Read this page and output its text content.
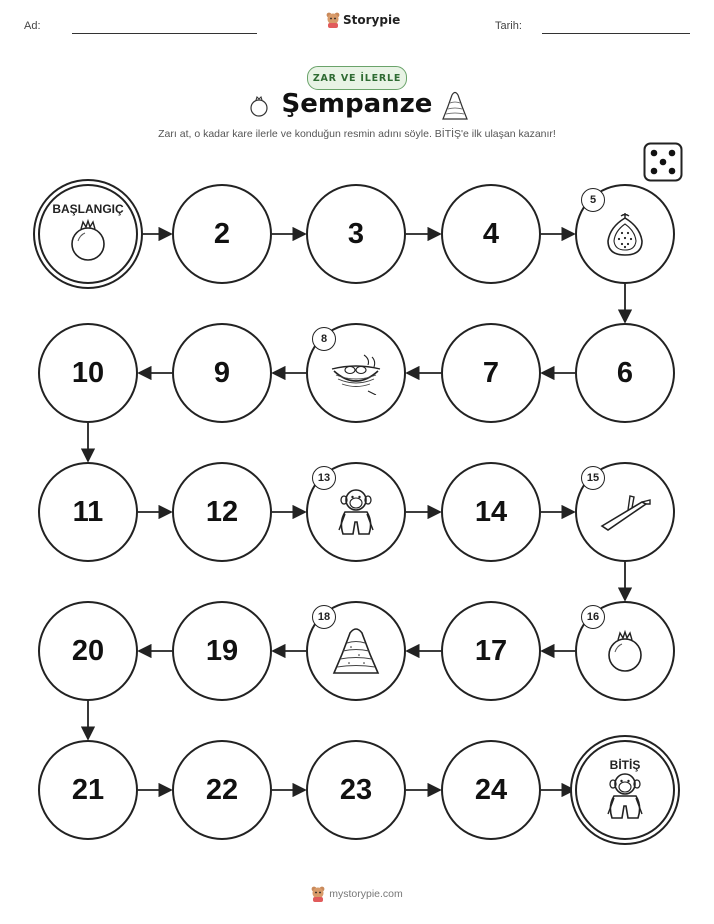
Ad:	Storypie	Tarih:
ZAR VE İLERLE
Şempanze
Zarı at, o kadar kare ilerle ve konduğun resmin adını söyle. BİTİŞ'e ilk ulaşan kazanır!
BAŞLANGIÇ
2	3	4
5
6
7
8
9
10
11	12
13
14
15
16
17
18
19
20
21	22	23	24
BİTİŞ
mystorypie.com
